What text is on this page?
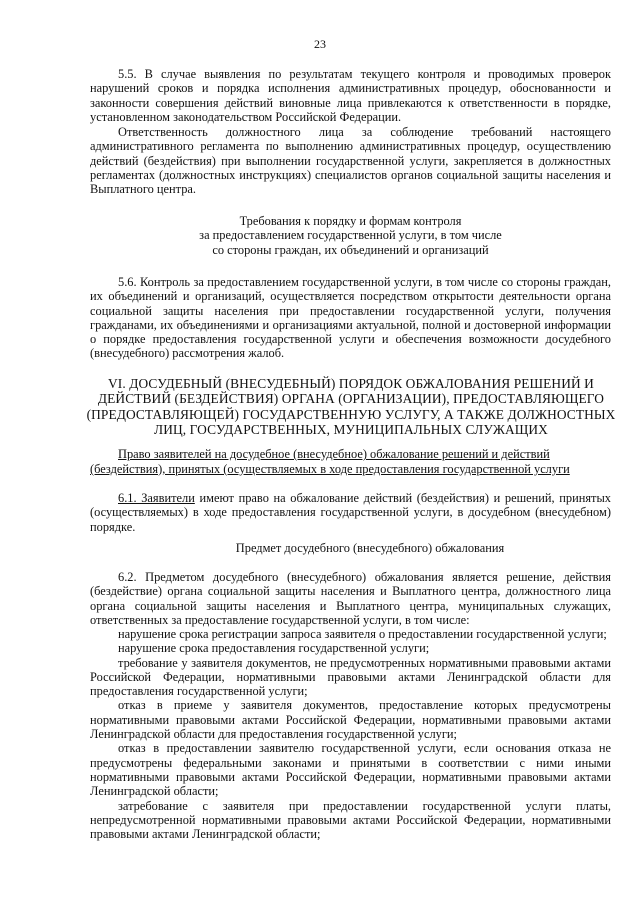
23

5.5. В случае выявления по результатам текущего контроля и проводимых проверок нарушений сроков и порядка исполнения административных процедур, обоснованности и законности совершения действий виновные лица привлекаются к ответственности в порядке, установленном законодательством Российской Федерации.

Ответственность должностного лица за соблюдение требований настоящего административного регламента по выполнению административных процедур, осуществлению действий (бездействия) при выполнении государственной услуги, закрепляется в должностных регламентах (должностных инструкциях) специалистов органов социальной защиты населения и Выплатного центра.

Требования к порядку и формам контроля
за предоставлением государственной услуги, в том числе
со стороны граждан, их объединений и организаций

5.6. Контроль за предоставлением государственной услуги, в том числе со стороны граждан, их объединений и организаций, осуществляется посредством открытости деятельности органа социальной защиты населения при предоставлении государственной услуги, получения гражданами, их объединениями и организациями актуальной, полной и достоверной информации о порядке предоставления государственной услуги и обеспечения возможности досудебного (внесудебного) рассмотрения жалоб.

VI. ДОСУДЕБНЫЙ (ВНЕСУДЕБНЫЙ) ПОРЯДОК ОБЖАЛОВАНИЯ РЕШЕНИЙ И ДЕЙСТВИЙ (БЕЗДЕЙСТВИЯ) ОРГАНА (ОРГАНИЗАЦИИ), ПРЕДОСТАВЛЯЮЩЕГО (ПРЕДОСТАВЛЯЮЩЕЙ) ГОСУДАРСТВЕННУЮ УСЛУГУ, А ТАКЖЕ ДОЛЖНОСТНЫХ ЛИЦ, ГОСУДАРСТВЕННЫХ, МУНИЦИПАЛЬНЫХ СЛУЖАЩИХ

Право заявителей на досудебное (внесудебное) обжалование решений и действий
(бездействия), принятых (осуществляемых в ходе предоставления государственной услуги

6.1. Заявители имеют право на обжалование действий (бездействия) и решений, принятых (осуществляемых) в ходе предоставления государственной услуги, в досудебном (внесудебном) порядке.

Предмет досудебного (внесудебного) обжалования

6.2. Предметом досудебного (внесудебного) обжалования является решение, действия (бездействие) органа социальной защиты населения и Выплатного центра, должностного лица органа социальной защиты населения и Выплатного центра, муниципальных служащих, ответственных за предоставление государственной услуги, в том числе:

нарушение срока регистрации запроса заявителя о предоставлении государственной услуги;

нарушение срока предоставления государственной услуги;

требование у заявителя документов, не предусмотренных нормативными правовыми актами Российской Федерации, нормативными правовыми актами Ленинградской области для предоставления государственной услуги;

отказ в приеме у заявителя документов, предоставление которых предусмотрены нормативными правовыми актами Российской Федерации, нормативными правовыми актами Ленинградской области для предоставления государственной услуги;

отказ в предоставлении заявителю государственной услуги, если основания отказа не предусмотрены федеральными законами и принятыми в соответствии с ними иными нормативными правовыми актами Российской Федерации, нормативными правовыми актами Ленинградской области;

затребование с заявителя при предоставлении государственной услуги платы, непредусмотренной нормативными правовыми актами Российской Федерации, нормативными правовыми актами Ленинградской области;
